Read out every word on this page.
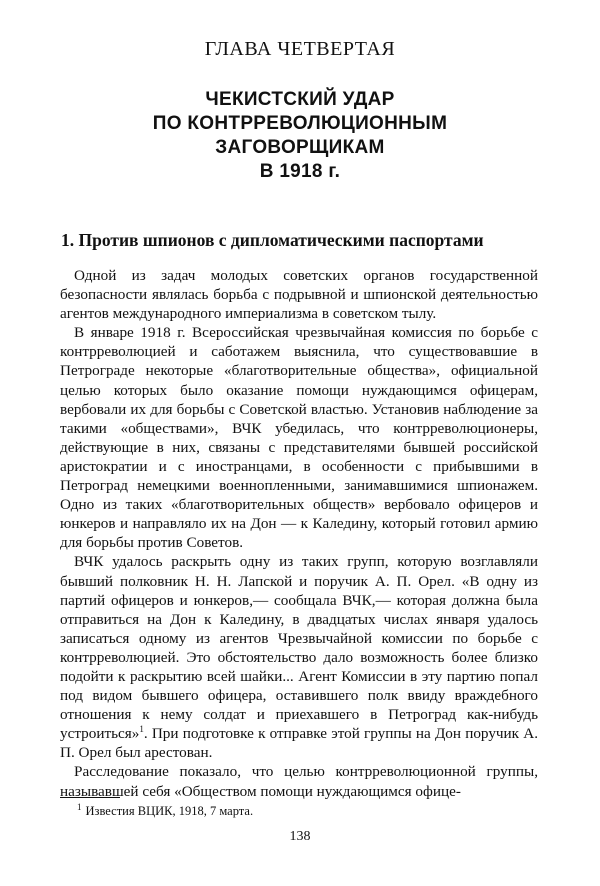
ГЛАВА ЧЕТВЕРТАЯ
ЧЕКИСТСКИЙ УДАР
ПО КОНТРРЕВОЛЮЦИОННЫМ
ЗАГОВОРЩИКАМ
В 1918 г.
1. Против шпионов с дипломатическими паспортами

Одной из задач молодых советских органов государственной безопасности являлась борьба с подрывной и шпионской деятельностью агентов международного империализма в советском тылу.

В январе 1918 г. Всероссийская чрезвычайная комиссия по борьбе с контрреволюцией и саботажем выяснила, что существовавшие в Петрограде некоторые «благотворительные общества», официальной целью которых было оказание помощи нуждающимся офицерам, вербовали их для борьбы с Советской властью. Установив наблюдение за такими «обществами», ВЧК убедилась, что контрреволюционеры, действующие в них, связаны с представителями бывшей российской аристократии и с иностранцами, в особенности с прибывшими в Петроград немецкими военнопленными, занимавшимися шпионажем. Одно из таких «благотворительных обществ» вербовало офицеров и юнкеров и направляло их на Дон — к Каледину, который готовил армию для борьбы против Советов.

ВЧК удалось раскрыть одну из таких групп, которую возглавляли бывший полковник Н. Н. Лапской и поручик А. П. Орел. «В одну из партий офицеров и юнкеров,— сообщала ВЧК,— которая должна была отправиться на Дон к Каледину, в двадцатых числах января удалось записаться одному из агентов Чрезвычайной комиссии по борьбе с контрреволюцией. Это обстоятельство дало возможность более близко подойти к раскрытию всей шайки... Агент Комиссии в эту партию попал под видом бывшего офицера, оставившего полк ввиду враждебного отношения к нему солдат и приехавшего в Петроград как-нибудь устроиться»$^1$. При подготовке к отправке этой группы на Дон поручик А. П. Орел был арестован.

Расследование показало, что целью контрреволюционной группы, называвшей себя «Обществом помощи нуждающимся офице-

$^1$ Известия ВЦИК, 1918, 7 марта.
138
